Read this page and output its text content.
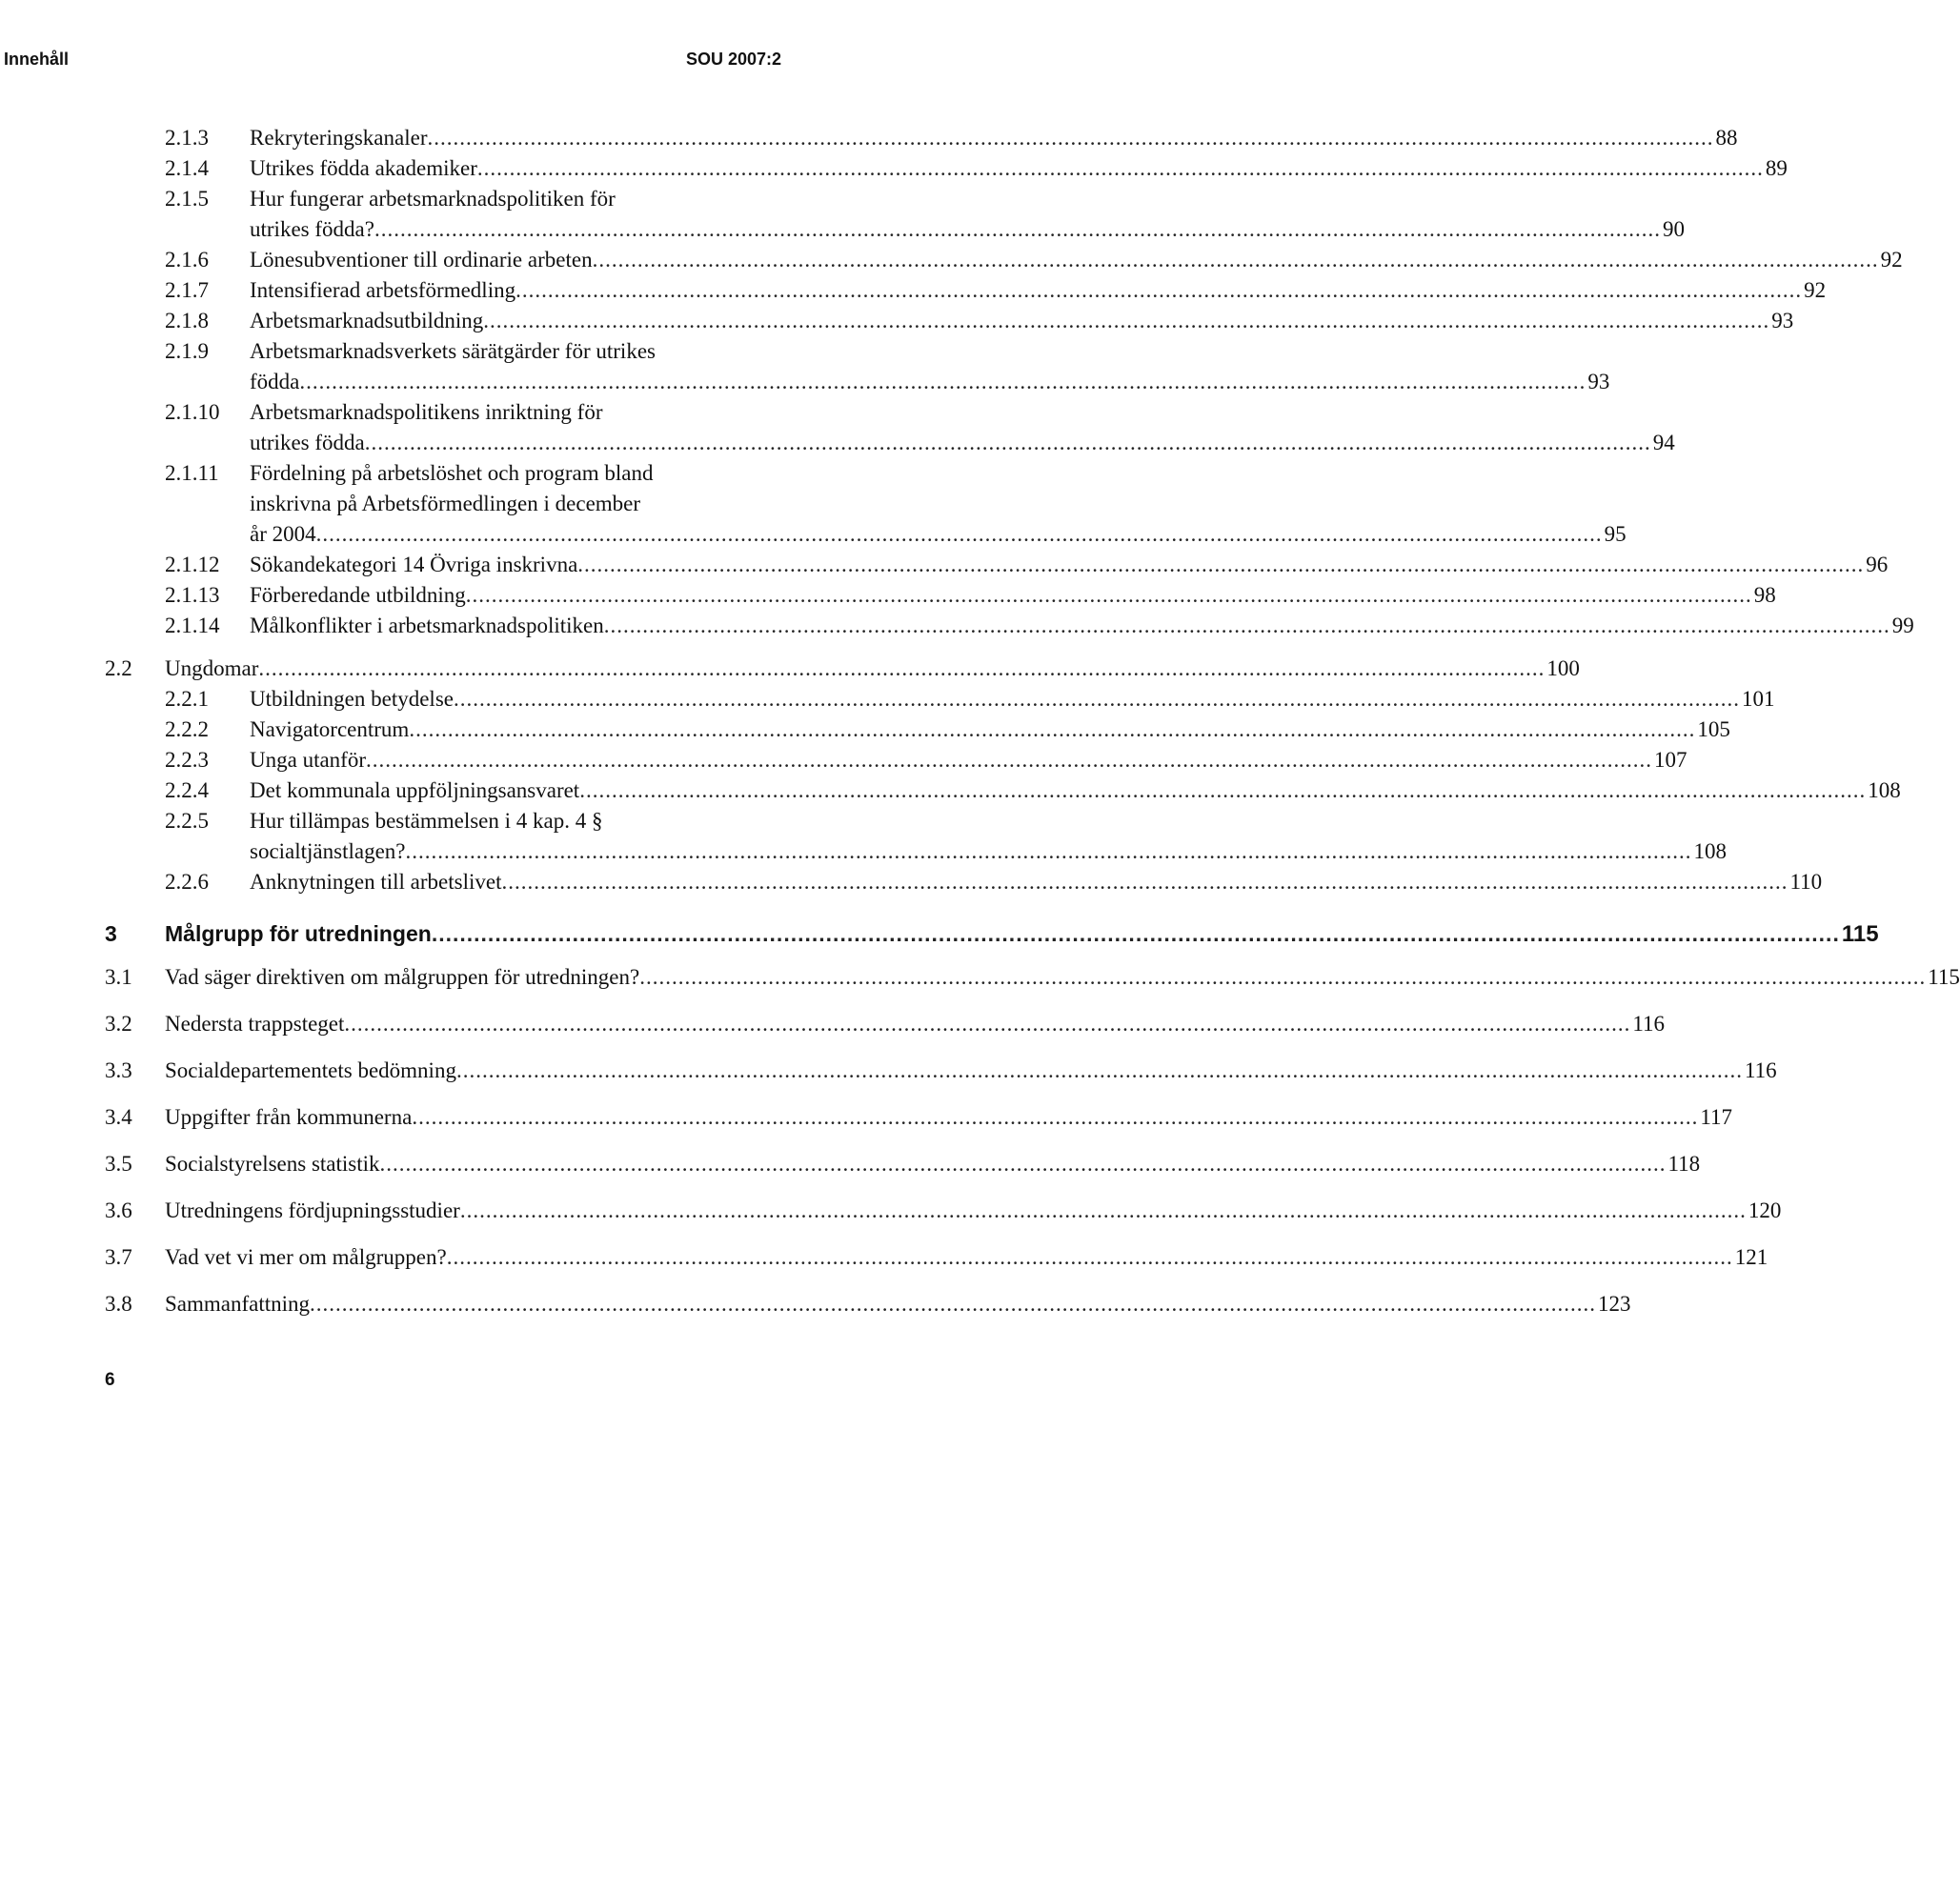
Innehåll	SOU 2007:2
2.1.3 Rekryteringskanaler ........................................................................................................................................................................................................ 88
2.1.4 Utrikes födda akademiker ........................................................................................................................................................................................................ 89
2.1.5 Hur fungerar arbetsmarknadspolitiken för
utrikes födda? ........................................................................................................................................................................................................ 90
2.1.6 Lönesubventioner till ordinarie arbeten ........................................................................................................................................................................................................ 92
2.1.7 Intensifierad arbetsförmedling ........................................................................................................................................................................................................ 92
2.1.8 Arbetsmarknadsutbildning ........................................................................................................................................................................................................ 93
2.1.9 Arbetsmarknadsverkets särätgärder för utrikes
födda ........................................................................................................................................................................................................ 93
2.1.10 Arbetsmarknadspolitikens inriktning för
utrikes födda ........................................................................................................................................................................................................ 94
2.1.11 Fördelning på arbetslöshet och program bland
inskrivna på Arbetsförmedlingen i december
år 2004 ........................................................................................................................................................................................................ 95
2.1.12 Sökandekategori 14 Övriga inskrivna ........................................................................................................................................................................................................ 96
2.1.13 Förberedande utbildning ........................................................................................................................................................................................................ 98
2.1.14 Målkonflikter i arbetsmarknadspolitiken ........................................................................................................................................................................................................ 99
2.2 Ungdomar ........................................................................................................................................................................................................ 100
2.2.1 Utbildningen betydelse ........................................................................................................................................................................................................ 101
2.2.2 Navigatorcentrum ........................................................................................................................................................................................................ 105
2.2.3 Unga utanför ........................................................................................................................................................................................................ 107
2.2.4 Det kommunala uppföljningsansvaret ........................................................................................................................................................................................................ 108
2.2.5 Hur tillämpas bestämmelsen i 4 kap. 4 §
socialtjänstlagen? ........................................................................................................................................................................................................ 108
2.2.6 Anknytningen till arbetslivet ........................................................................................................................................................................................................ 110
3 Målgrupp för utredningen ........................................................................................................................................................................................................ 115
3.1 Vad säger direktiven om målgruppen för utredningen? ........................................................................................................................................................................................................ 115
3.2 Nedersta trappsteget ........................................................................................................................................................................................................ 116
3.3 Socialdepartementets bedömning ........................................................................................................................................................................................................ 116
3.4 Uppgifter från kommunerna ........................................................................................................................................................................................................ 117
3.5 Socialstyrelsens statistik ........................................................................................................................................................................................................ 118
3.6 Utredningens fördjupningsstudier ........................................................................................................................................................................................................ 120
3.7 Vad vet vi mer om målgruppen? ........................................................................................................................................................................................................ 121
3.8 Sammanfattning ........................................................................................................................................................................................................ 123
6
